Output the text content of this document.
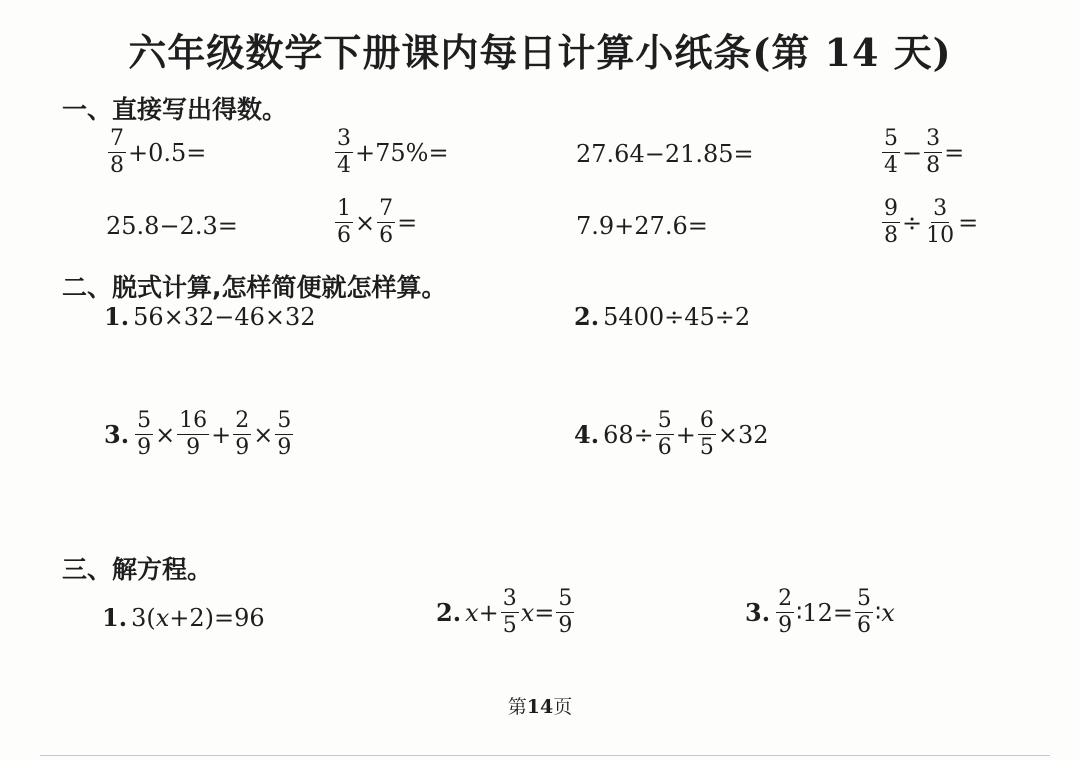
六年级数学下册课内每日计算小纸条(第 14 天)
一、直接写出得数。
$\frac{7}{8} +0.5=$	$\frac{3}{4} +75\%=$	27.64−21.85=	$\frac{5}{4} - \frac{3}{8}$ =
25.8−2.3=	$\frac{1}{6} \times \frac{7}{6}$ =	7.9+27.6=	$\frac{9}{8} \div \frac{3}{10}$ =
二、脱式计算,怎样简便就怎样算。
1. 56×32−46×32	2. 5400÷45÷2
3. $\frac{5}{9} \times \frac{16}{9} + \frac{2}{9} \times \frac{5}{9}$	4. $68\div \frac{5}{6} + \frac{6}{5} \times 32$
三、解方程。
1. 3( x +2)=96	2. $x + \frac{3}{5}$ $x = \frac{5}{9}$	3. $\frac{2}{9}$ ∶12= $\frac{5}{6}$ ∶ x
第14页
